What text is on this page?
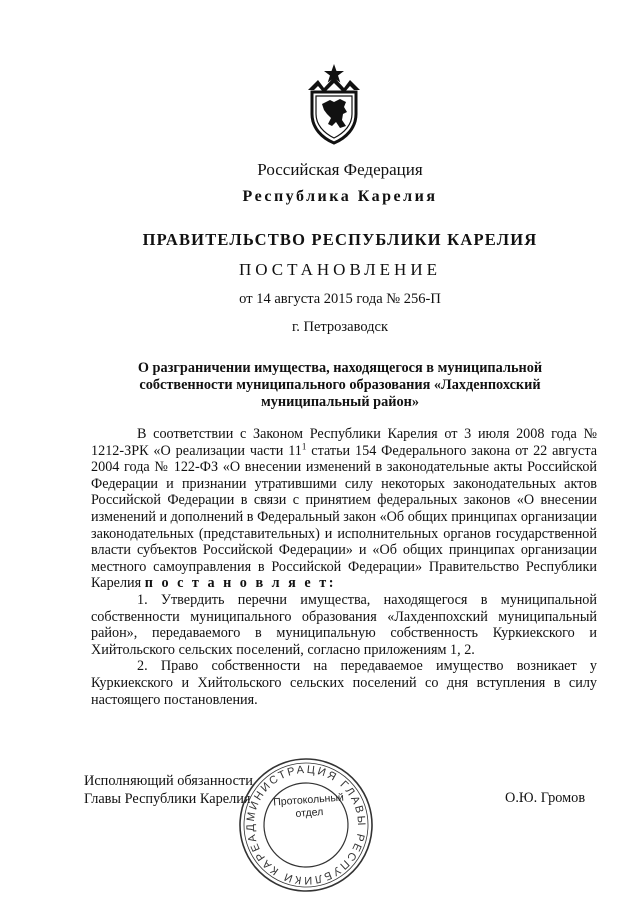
Российская Федерация
Республика Карелия
ПРАВИТЕЛЬСТВО РЕСПУБЛИКИ КАРЕЛИЯ
ПОСТАНОВЛЕНИЕ
от 14 августа 2015 года № 256-П
г. Петрозаводск
О разграничении имущества, находящегося в муниципальной
собственности муниципального образования «Лахденпохский
муниципальный район»

В соответствии с Законом Республики Карелия от 3 июля 2008 года № 1212-ЗРК «О реализации части $11^1$ статьи 154 Федерального закона от 22 августа 2004 года № 122-ФЗ «О внесении изменений в законодательные акты Российской Федерации и признании утратившими силу некоторых законодательных актов Российской Федерации в связи с принятием федеральных законов «О внесении изменений и дополнений в Федеральный закон «Об общих принципах организации законодательных (представительных) и исполнительных органов государственной власти субъектов Российской Федерации» и «Об общих принципах организации местного самоуправления в Российской Федерации» Правительство Республики Карелия п о с т а н о в л я е т:

1. Утвердить перечни имущества, находящегося в муниципальной собственности муниципального образования «Лахденпохский муниципальный район», передаваемого в муниципальную собственность Куркиекского и Хийтольского сельских поселений, согласно приложениям 1, 2.

2. Право собственности на передаваемое имущество возникает у Куркиекского и Хийтольского сельских поселений со дня вступления в силу настоящего постановления.

Исполняющий обязанности
Главы Республики Карелия	О.Ю. Громов
АДМИНИСТРАЦИЯ ГЛАВЫ РЕСПУБЛИКИ КАРЕЛИЯ
Протокольный
отдел
